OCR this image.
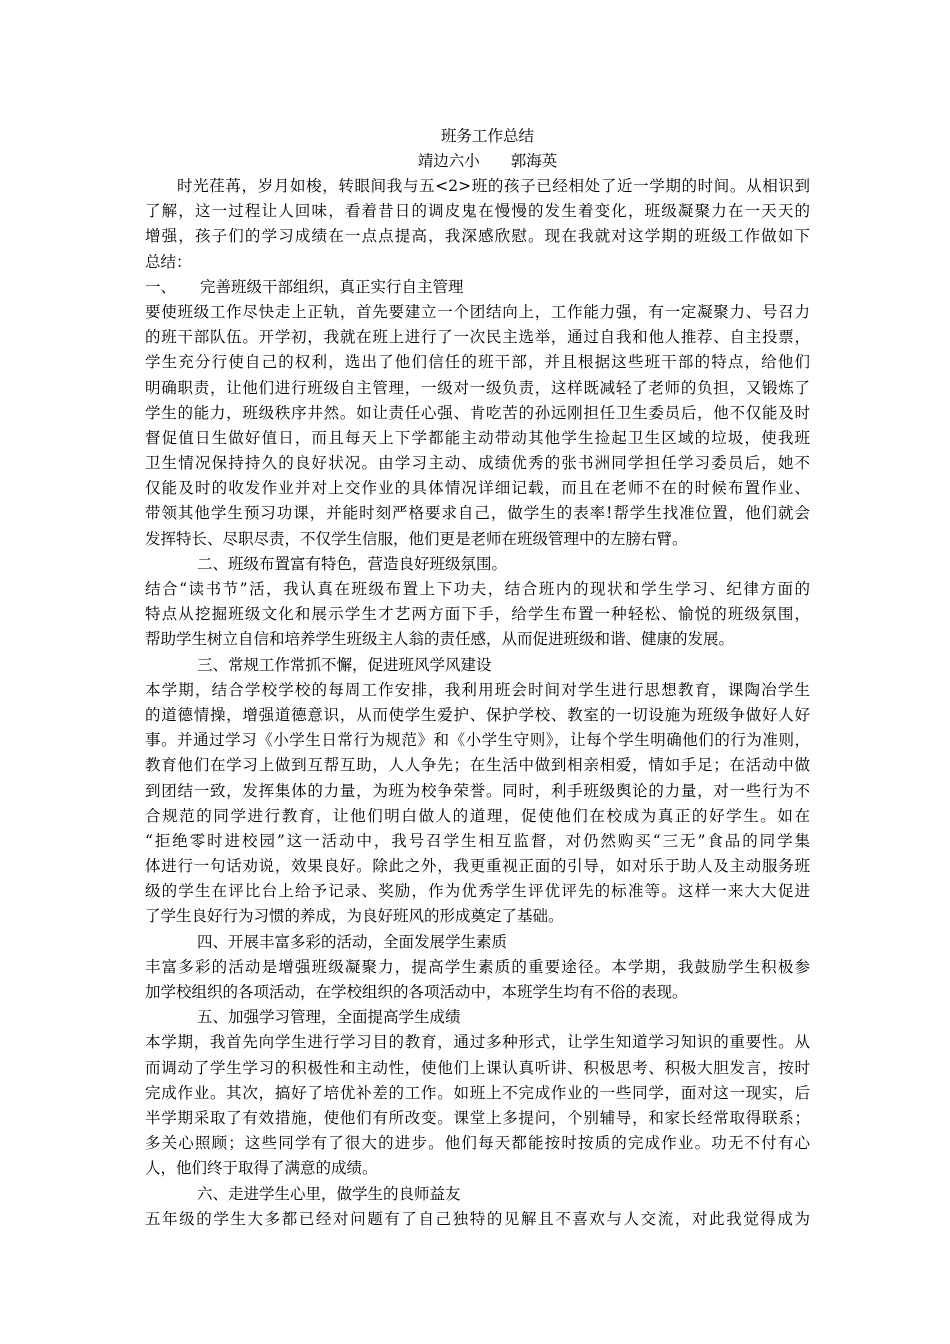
班务工作总结
靖边六小　　郭海英
时光荏苒，岁月如梭，转眼间我与五<2>班的孩子已经相处了近一学期的时间。从相识到
了解，这一过程让人回味，看着昔日的调皮鬼在慢慢的发生着变化，班级凝聚力在一天天的
增强，孩子们的学习成绩在一点点提高，我深感欣慰。现在我就对这学期的班级工作做如下
总结：
一、 完善班级干部组织，真正实行自主管理
要使班级工作尽快走上正轨，首先要建立一个团结向上，工作能力强，有一定凝聚力、号召力
的班干部队伍。开学初，我就在班上进行了一次民主选举，通过自我和他人推荐、自主投票，
学生充分行使自己的权利，选出了他们信任的班干部，并且根据这些班干部的特点，给他们
明确职责，让他们进行班级自主管理，一级对一级负责，这样既减轻了老师的负担，又锻炼了
学生的能力，班级秩序井然。如让责任心强、肯吃苦的孙远刚担任卫生委员后，他不仅能及时
督促值日生做好值日，而且每天上下学都能主动带动其他学生捡起卫生区域的垃圾，使我班
卫生情况保持持久的良好状况。由学习主动、成绩优秀的张书洲同学担任学习委员后，她不
仅能及时的收发作业并对上交作业的具体情况详细记载，而且在老师不在的时候布置作业、
带领其他学生预习功课，并能时刻严格要求自己，做学生的表率!帮学生找准位置，他们就会
发挥特长、尽职尽责，不仅学生信服，他们更是老师在班级管理中的左膀右臂。
二、班级布置富有特色，营造良好班级氛围。
结合“读书节”活，我认真在班级布置上下功夫，结合班内的现状和学生学习、纪律方面的
特点从挖掘班级文化和展示学生才艺两方面下手，给学生布置一种轻松、愉悦的班级氛围，
帮助学生树立自信和培养学生班级主人翁的责任感，从而促进班级和谐、健康的发展。
三、常规工作常抓不懈，促进班风学风建设
本学期，结合学校学校的每周工作安排，我利用班会时间对学生进行思想教育，课陶冶学生
的道德情操，增强道德意识，从而使学生爱护、保护学校、教室的一切设施为班级争做好人好
事。并通过学习《小学生日常行为规范》和《小学生守则》，让每个学生明确他们的行为准则，
教育他们在学习上做到互帮互助，人人争先；在生活中做到相亲相爱，情如手足；在活动中做
到团结一致，发挥集体的力量，为班为校争荣誉。同时，利手班级舆论的力量，对一些行为不
合规范的同学进行教育，让他们明白做人的道理，促使他们在校成为真正的好学生。如在
“拒绝零时进校园”这一活动中，我号召学生相互监督，对仍然购买“三无”食品的同学集
体进行一句话劝说，效果良好。除此之外，我更重视正面的引导，如对乐于助人及主动服务班
级的学生在评比台上给予记录、奖励，作为优秀学生评优评先的标准等。这样一来大大促进
了学生良好行为习惯的养成，为良好班风的形成奠定了基础。
四、开展丰富多彩的活动，全面发展学生素质
丰富多彩的活动是增强班级凝聚力，提高学生素质的重要途径。本学期，我鼓励学生积极参
加学校组织的各项活动，在学校组织的各项活动中，本班学生均有不俗的表现。
五、加强学习管理，全面提高学生成绩
本学期，我首先向学生进行学习目的教育，通过多种形式，让学生知道学习知识的重要性。从
而调动了学生学习的积极性和主动性，使他们上课认真听讲、积极思考、积极大胆发言，按时
完成作业。其次，搞好了培优补差的工作。如班上不完成作业的一些同学，面对这一现实，后
半学期采取了有效措施，使他们有所改变。课堂上多提问，个别辅导，和家长经常取得联系；
多关心照顾；这些同学有了很大的进步。他们每天都能按时按质的完成作业。功无不付有心
人，他们终于取得了满意的成绩。
六、走进学生心里，做学生的良师益友
五年级的学生大多都已经对问题有了自己独特的见解且不喜欢与人交流，对此我觉得成为
